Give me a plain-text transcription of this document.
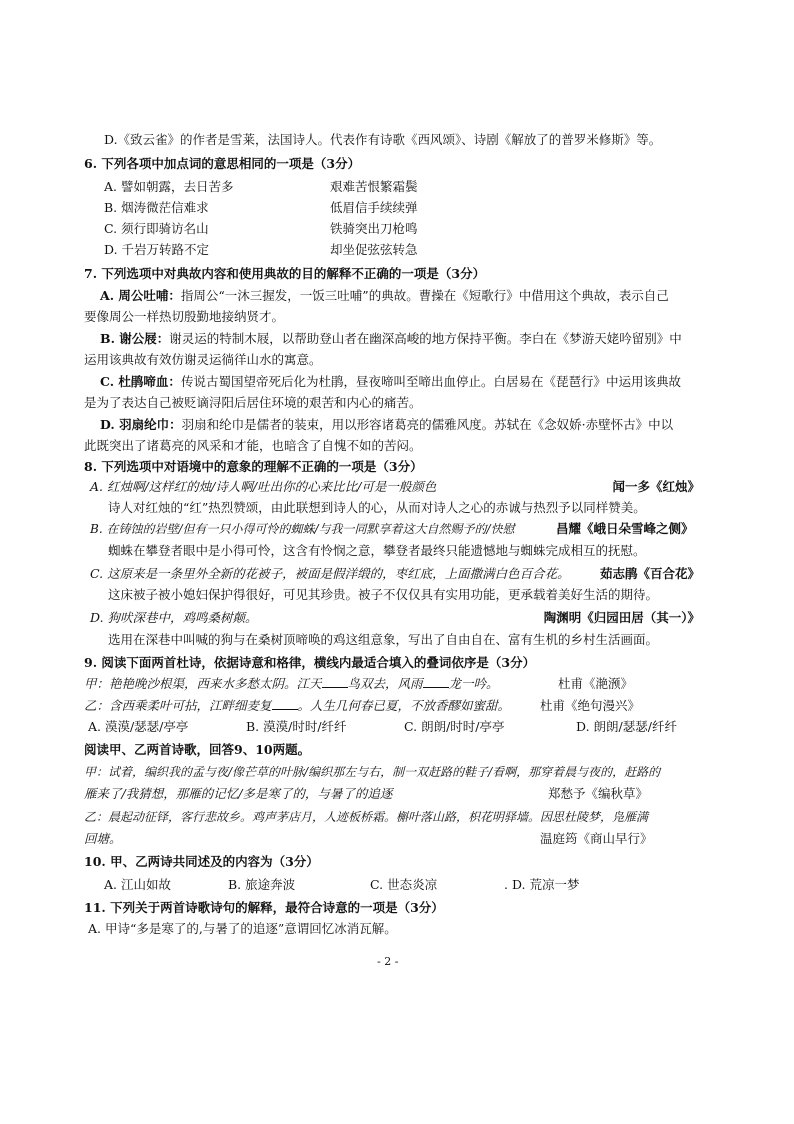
D.《致云雀》的作者是雪莱，法国诗人。代表作有诗歌《西风颂》、诗剧《解放了的普罗米修斯》等。
6. 下列各项中加点词的意思相同的一项是（3分）
A. 譬如朝露，去日苦多	艰难苦恨繁霜鬓
B. 烟涛微茫信难求	低眉信手续续弹
C. 须行即骑访名山	铁骑突出刀枪鸣
D. 千岩万转路不定	却坐促弦弦转急
7. 下列选项中对典故内容和使用典故的目的解释不正确的一项是（3分）
A. 周公吐哺：指周公“一沐三握发，一饭三吐哺”的典故。曹操在《短歌行》中借用这个典故，表示自己
要像周公一样热切殷勤地接纳贤才。
B. 谢公屐：谢灵运的特制木屐，以帮助登山者在幽深高峻的地方保持平衡。李白在《梦游天姥吟留别》中
运用该典故有效仿谢灵运徜徉山水的寓意。
C. 杜鹃啼血：传说古蜀国望帝死后化为杜鹃，昼夜啼叫至啼出血停止。白居易在《琵琶行》中运用该典故
是为了表达自己被贬谪浔阳后居住环境的艰苦和内心的痛苦。
D. 羽扇纶巾：羽扇和纶巾是儒者的装束，用以形容诸葛亮的儒雅风度。苏轼在《念奴娇·赤壁怀古》中以
此既突出了诸葛亮的风采和才能，也暗含了自愧不如的苦闷。
8. 下列选项中对语境中的意象的理解不正确的一项是（3分）
A. 红烛啊/这样红的烛/诗人啊/吐出你的心来比比/可是一般颜色	闻一多《红烛》
诗人对红烛的“红”热烈赞颂，由此联想到诗人的心，从而对诗人之心的赤诚与热烈予以同样赞美。
B. 在铸蚀的岩壁/但有一只小得可怜的蜘蛛/与我一同默享着这大自然赐予的/快慰	昌耀《峨日朵雪峰之侧》
蜘蛛在攀登者眼中是小得可怜，这含有怜悯之意，攀登者最终只能遗憾地与蜘蛛完成相互的抚慰。
C. 这原来是一条里外全新的花被子，被面是假洋缎的，枣红底，上面撒满白色百合花。	茹志鹃《百合花》
这床被子被小媳妇保护得很好，可见其珍贵。被子不仅仅具有实用功能，更承载着美好生活的期待。
D. 狗吠深巷中，鸡鸣桑树颠。	陶渊明《归园田居（其一）》
选用在深巷中叫喊的狗与在桑树顶啼唤的鸡这组意象，写出了自由自在、富有生机的乡村生活画面。
9. 阅读下面两首杜诗，依据诗意和格律，横线内最适合填入的叠词依序是（3分）
甲：艳艳晚沙根渠，西来水多愁太阴。江天 鸟双去，风雨 龙一吟。	杜甫《滟滪》
乙：含西乘柔叶可拈，江畔细麦复 。人生几何春已夏，不放香醪如蜜甜。 杜甫《绝句漫兴》
A. 漠漠/瑟瑟/亭亭	B. 漠漠/时时/纤纤	C. 朗朗/时时/亭亭	D. 朗朗/瑟瑟/纤纤
阅读甲、乙两首诗歌，回答9、10两题。
甲：试着，编织我的孟与夜/像芒草的叶脉/编织那左与右，制一双赶路的鞋子/看啊，那穿着晨与夜的，赶路的
雁来了/我猜想，那雁的记忆/多是寒了的，与暑了的追逐	郑愁予《编秋草》
乙：晨起动征铎，客行悲故乡。鸡声茅店月，人迹板桥霜。槲叶落山路，枳花明驿墙。因思杜陵梦，凫雁满
回塘。	温庭筠《商山早行》
10. 甲、乙两诗共同述及的内容为（3分）
A. 江山如故	B. 旅途奔波	C. 世态炎凉	. D. 荒凉一梦
11. 下列关于两首诗歌诗句的解释，最符合诗意的一项是（3分）
A. 甲诗“多是寒了的,与暑了的追逐”意谓回忆冰消瓦解。
- 2 -
